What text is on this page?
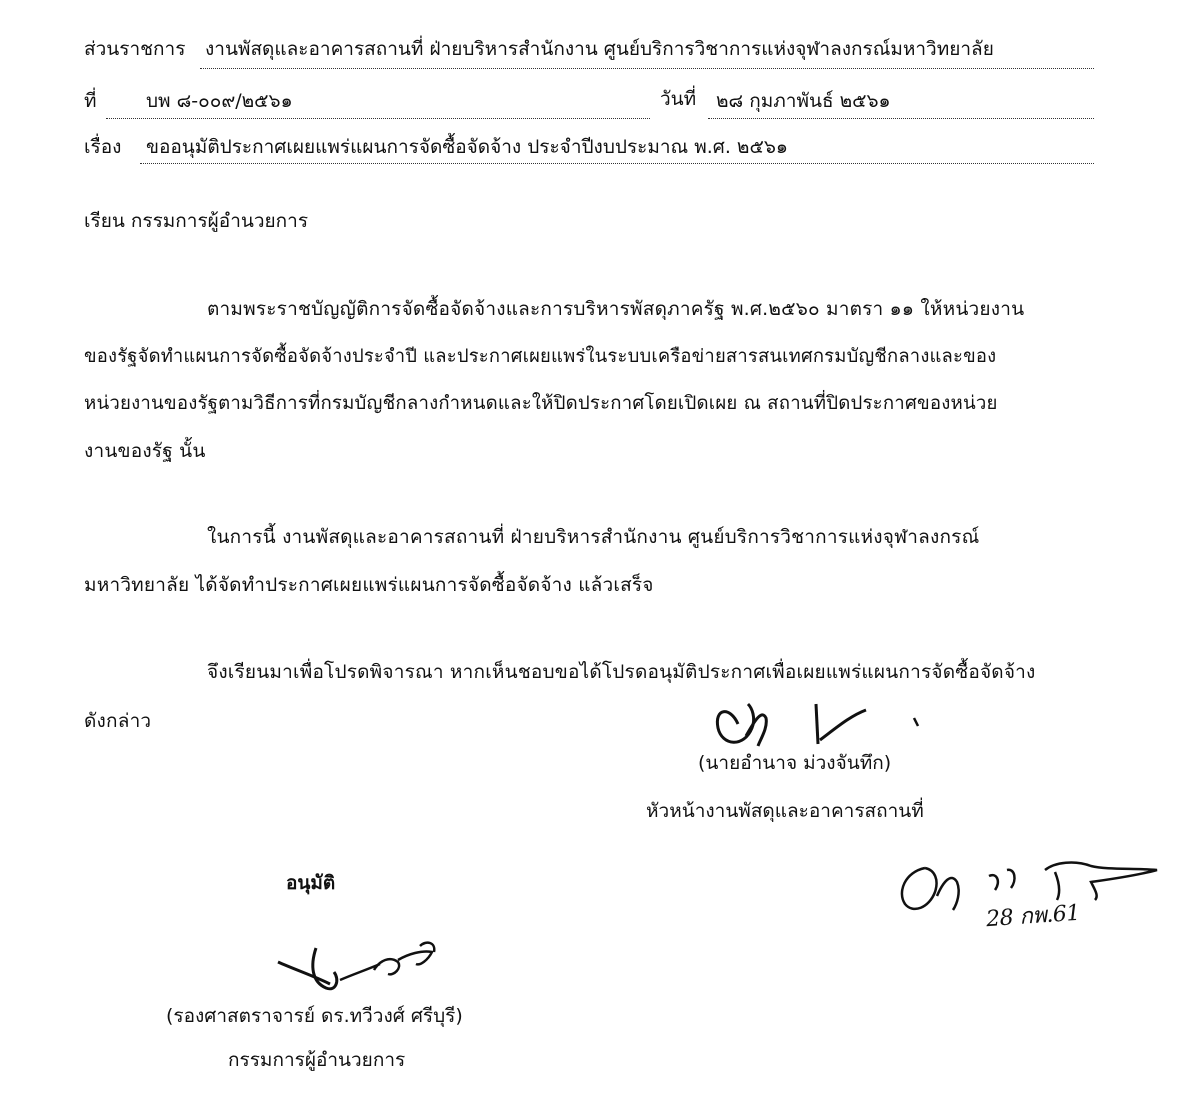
ส่วนราชการ งานพัสดุและอาคารสถานที่ ฝ่ายบริหารสำนักงาน ศูนย์บริการวิชาการแห่งจุฬาลงกรณ์มหาวิทยาลัย
ที่	บพ ๘-๐๐๙/๒๕๖๑	วันที่ ๒๘ กุมภาพันธ์ ๒๕๖๑
เรื่อง ขออนุมัติประกาศเผยแพร่แผนการจัดซื้อจัดจ้าง ประจำปีงบประมาณ พ.ศ. ๒๕๖๑
เรียน กรรมการผู้อำนวยการ
ตามพระราชบัญญัติการจัดซื้อจัดจ้างและการบริหารพัสดุภาครัฐ พ.ศ.๒๕๖๐ มาตรา ๑๑ ให้หน่วยงาน
ของรัฐจัดทำแผนการจัดซื้อจัดจ้างประจำปี และประกาศเผยแพร่ในระบบเครือข่ายสารสนเทศกรมบัญชีกลางและของ
หน่วยงานของรัฐตามวิธีการที่กรมบัญชีกลางกำหนดและให้ปิดประกาศโดยเปิดเผย ณ สถานที่ปิดประกาศของหน่วย
งานของรัฐ นั้น
ในการนี้ งานพัสดุและอาคารสถานที่ ฝ่ายบริหารสำนักงาน ศูนย์บริการวิชาการแห่งจุฬาลงกรณ์
มหาวิทยาลัย ได้จัดทำประกาศเผยแพร่แผนการจัดซื้อจัดจ้าง แล้วเสร็จ
จึงเรียนมาเพื่อโปรดพิจารณา หากเห็นชอบขอได้โปรดอนุมัติประกาศเพื่อเผยแพร่แผนการจัดซื้อจัดจ้าง
ดังกล่าว
(นายอำนาจ ม่วงจันทึก)
หัวหน้างานพัสดุและอาคารสถานที่
อนุมัติ
(รองศาสตราจารย์ ดร.ทวีวงศ์ ศรีบุรี)
กรรมการผู้อำนวยการ
28 กพ.61
